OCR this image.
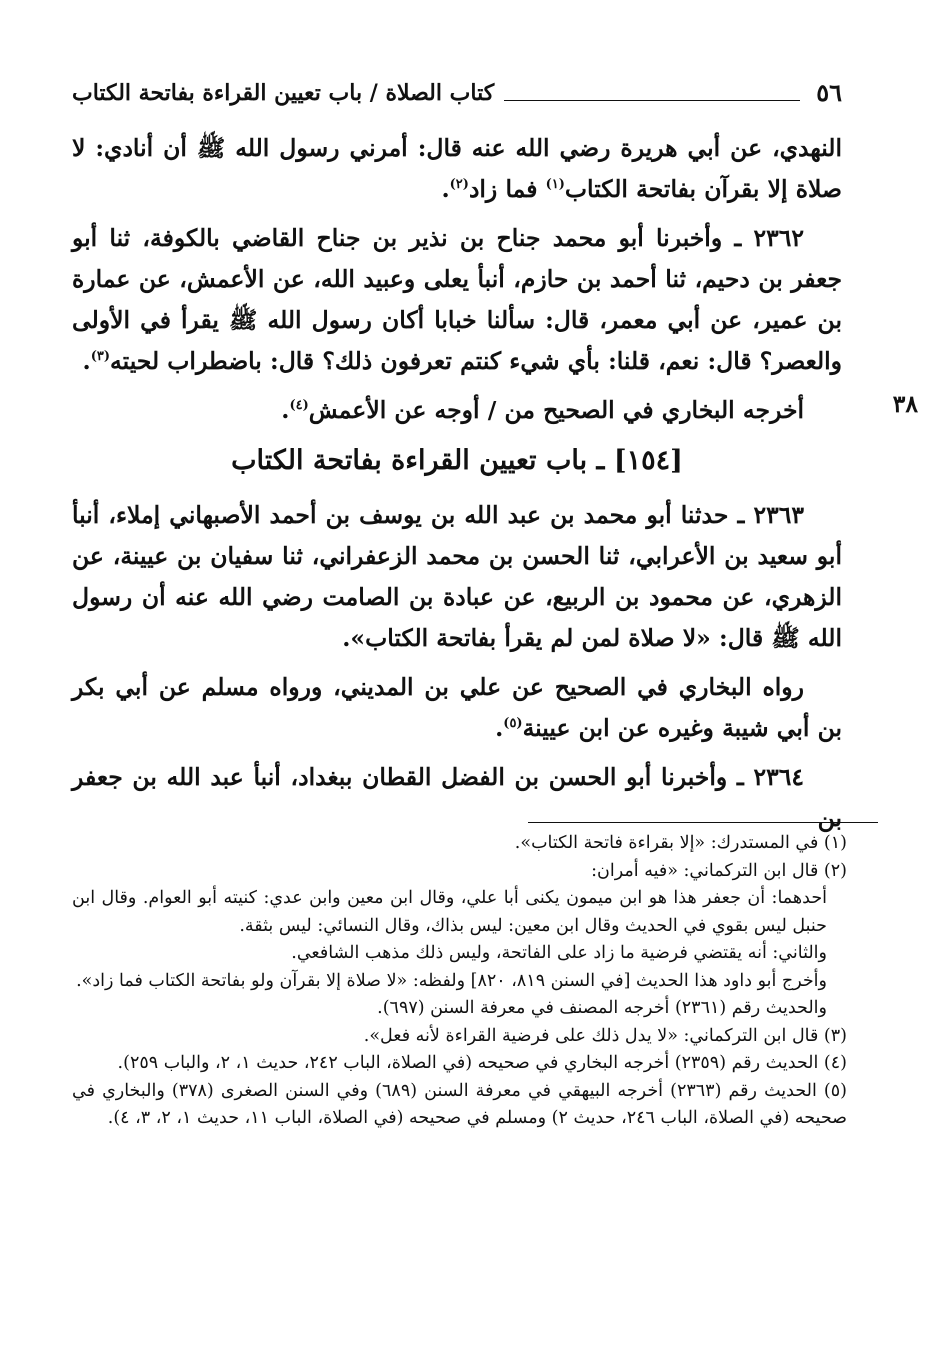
٥٦
كتاب الصلاة / باب تعيين القراءة بفاتحة الكتاب

النهدي، عن أبي هريرة رضي الله عنه قال: أمرني رسول الله ﷺ أن أنادي: لا صلاة إلا بقرآن بفاتحة الكتاب$^{(١)}$ فما زاد$^{(٢)}$.

٢٣٦٢ ـ وأخبرنا أبو محمد جناح بن نذير بن جناح القاضي بالكوفة، ثنا أبو جعفر بن دحيم، ثنا أحمد بن حازم، أنبأ يعلى وعبيد الله، عن الأعمش، عن عمارة بن عمير، عن أبي معمر، قال: سألنا خبابا أكان رسول الله ﷺ يقرأ في الأولى والعصر؟ قال: نعم، قلنا: بأي شيء كنتم تعرفون ذلك؟ قال: باضطراب لحيته$^{(٣)}$.

٣٨

أخرجه البخاري في الصحيح من / أوجه عن الأعمش$^{(٤)}$.

[١٥٤] ـ باب تعيين القراءة بفاتحة الكتاب

٢٣٦٣ ـ حدثنا أبو محمد بن عبد الله بن يوسف بن أحمد الأصبهاني إملاء، أنبأ أبو سعيد بن الأعرابي، ثنا الحسن بن محمد الزعفراني، ثنا سفيان بن عيينة، عن الزهري، عن محمود بن الربيع، عن عبادة بن الصامت رضي الله عنه أن رسول الله ﷺ قال: «لا صلاة لمن لم يقرأ بفاتحة الكتاب».

رواه البخاري في الصحيح عن علي بن المديني، ورواه مسلم عن أبي بكر بن أبي شيبة وغيره عن ابن عيينة$^{(٥)}$.

٢٣٦٤ ـ وأخبرنا أبو الحسن بن الفضل القطان ببغداد، أنبأ عبد الله بن جعفر بن

(١) في المستدرك: «إلا بقراءة فاتحة الكتاب».

(٢) قال ابن التركماني: «فيه أمران:

أحدهما: أن جعفر هذا هو ابن ميمون يكنى أبا علي، وقال ابن معين وابن عدي: كنيته أبو العوام. وقال ابن حنبل ليس بقوي في الحديث وقال ابن معين: ليس بذاك، وقال النسائي: ليس بثقة.

والثاني: أنه يقتضي فرضية ما زاد على الفاتحة، وليس ذلك مذهب الشافعي.

وأخرج أبو داود هذا الحديث [في السنن ٨١٩، ٨٢٠] ولفظه: «لا صلاة إلا بقرآن ولو بفاتحة الكتاب فما زاد».

والحديث رقم (٢٣٦١) أخرجه المصنف في معرفة السنن (٦٩٧).

(٣) قال ابن التركماني: «لا يدل ذلك على فرضية القراءة لأنه فعل».

(٤) الحديث رقم (٢٣٥٩) أخرجه البخاري في صحيحه (في الصلاة، الباب ٢٤٢، حديث ١، ٢، والباب ٢٥٩).

(٥) الحديث رقم (٢٣٦٣) أخرجه البيهقي في معرفة السنن (٦٨٩) وفي السنن الصغرى (٣٧٨) والبخاري في صحيحه (في الصلاة، الباب ٢٤٦، حديث ٢) ومسلم في صحيحه (في الصلاة، الباب ١١، حديث ١، ٢، ٣، ٤).
